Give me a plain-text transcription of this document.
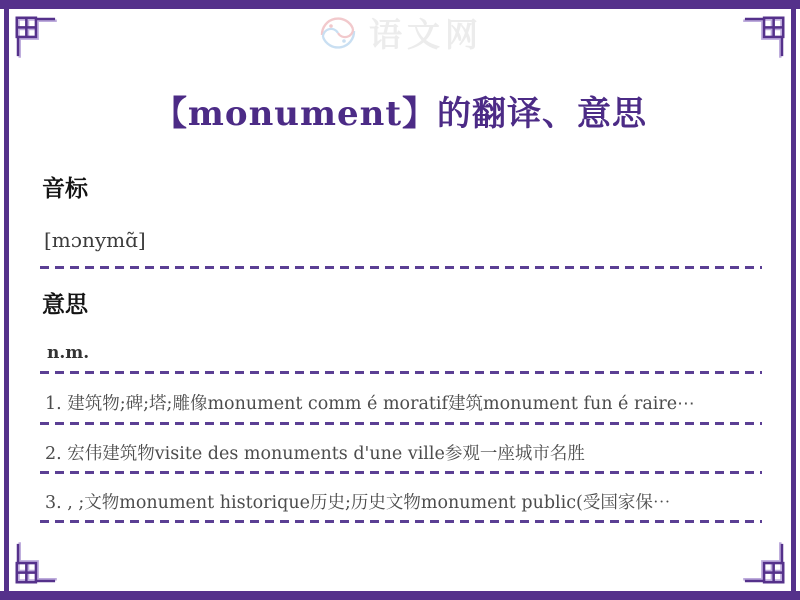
语文网
【monument】的翻译、意思
音标
[mɔnymɑ̃]
意思
n.m.
1. 建筑物;碑;塔;雕像monument comm é moratif建筑monument fun é raire⋯
2. 宏伟建筑物visite des monuments d'une ville参观一座城市名胜
3. , ;文物monument historique历史;历史文物monument public(受国家保⋯
